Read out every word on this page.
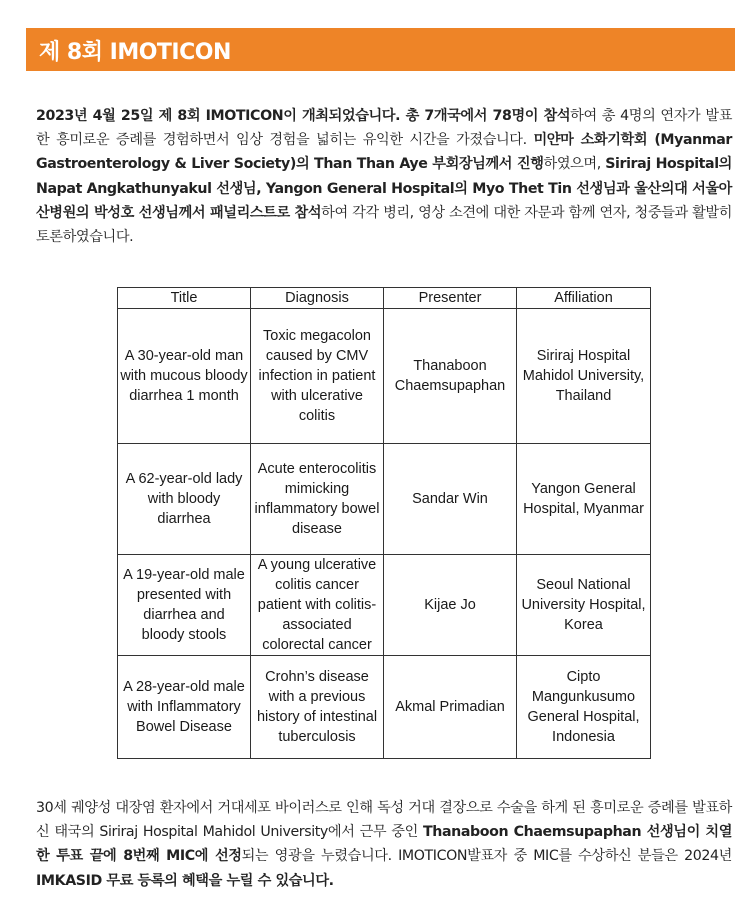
제 8회 IMOTICON

2023년 4월 25일 제 8회 IMOTICON이 개최되었습니다. 총 7개국에서 78명이 참석하여 총 4명의 연자가 발표한 흥미로운 증례를 경험하면서 임상 경험을 넓히는 유익한 시간을 가졌습니다. 미얀마 소화기학회 (Myanmar Gastroenterology & Liver Society)의 Than Than Aye 부회장님께서 진행하였으며, Siriraj Hospital의 Napat Angkathunyakul 선생님, Yangon General Hospital의 Myo Thet Tin 선생님과 울산의대 서울아산병원의 박성호 선생님께서 패널리스트로 참석하여 각각 병리, 영상 소견에 대한 자문과 함께 연자, 청중들과 활발히 토론하였습니다.

Title	Diagnosis	Presenter	Affiliation
A 30-year-old man with mucous bloody diarrhea 1 month	Toxic megacolon caused by CMV infection in patient with ulcerative colitis	Thanaboon Chaemsupaphan	Siriraj Hospital Mahidol University, Thailand
A 62-year-old lady with bloody diarrhea	Acute enterocolitis mimicking inflammatory bowel disease	Sandar Win	Yangon General Hospital, Myanmar
A 19-year-old male presented with diarrhea and bloody stools	A young ulcerative colitis cancer patient with colitis-associated colorectal cancer	Kijae Jo	Seoul National University Hospital, Korea
A 28-year-old male with Inflammatory Bowel Disease	Crohn’s disease with a previous history of intestinal tuberculosis	Akmal Primadian	Cipto Mangunkusumo General Hospital, Indonesia

30세 궤양성 대장염 환자에서 거대세포 바이러스로 인해 독성 거대 결장으로 수술을 하게 된 흥미로운 증례를 발표하신 태국의 Siriraj Hospital Mahidol University에서 근무 중인 Thanaboon Chaemsupaphan 선생님이 치열한 투표 끝에 8번째 MIC에 선정되는 영광을 누렸습니다. IMOTICON발표자 중 MIC를 수상하신 분들은 2024년 IMKASID 무료 등록의 혜택을 누릴 수 있습니다.
